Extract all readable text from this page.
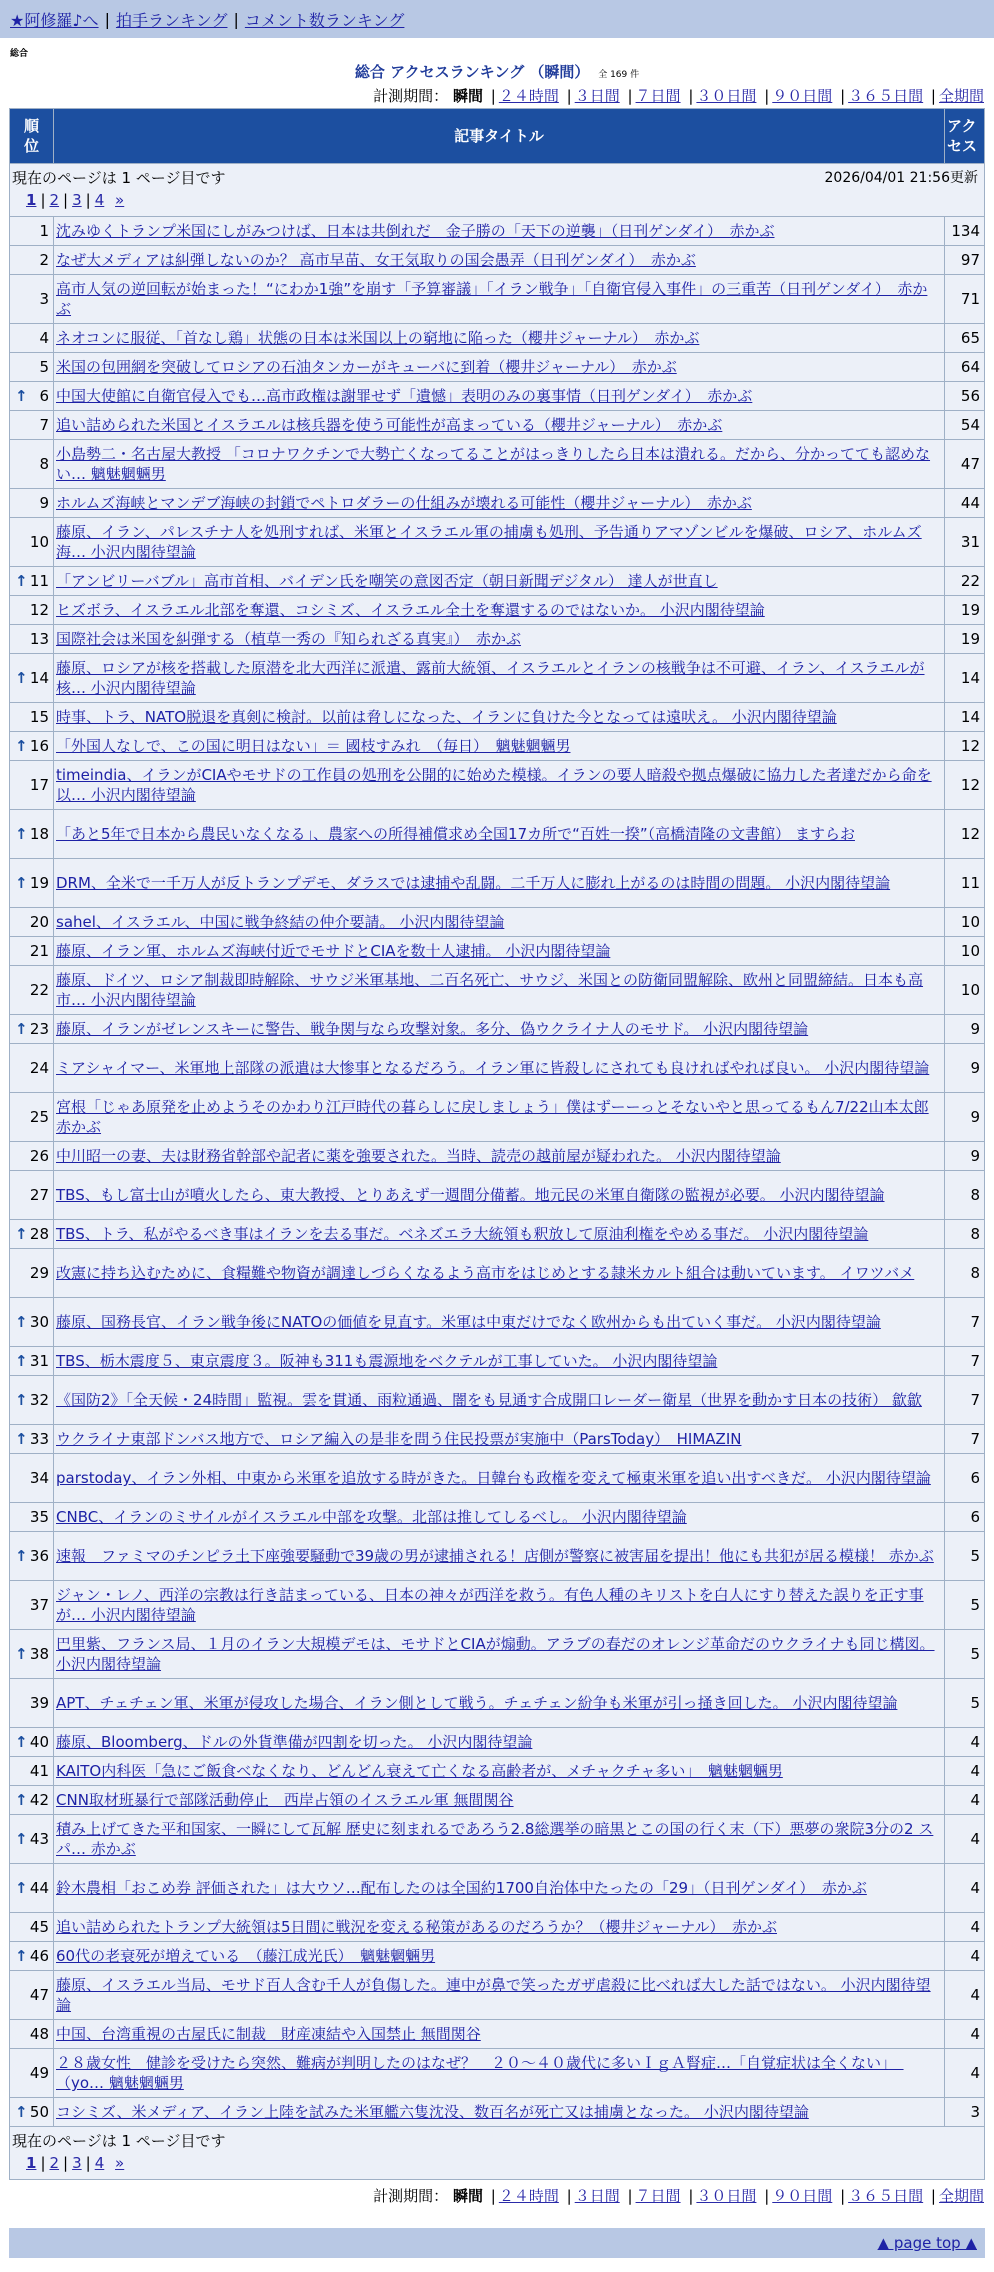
★阿修羅♪へ | 拍手ランキング | コメント数ランキング
総合
総合 アクセスランキング （瞬間） 全 169 件
計測期間： 瞬間 | ２４時間 | ３日間 | ７日間 | ３０日間 | ９０日間 | ３６５日間 | 全期間
現在のページは 1 ページ目です 2026/04/01 21:56更新
1 | 2 | 3 | 4 »		

順位	記事タイトル	アクセス
1	沈みゆくトランプ米国にしがみつけば、日本は共倒れだ　金子勝の「天下の逆襲」（日刊ゲンダイ）　赤かぶ	134
2	なぜ大メディアは糾弾しないのか？ 高市早苗、女王気取りの国会愚弄（日刊ゲンダイ）　赤かぶ	97
3	高市人気の逆回転が始まった！“にわか1強”を崩す「予算審議」「イラン戦争」「自衛官侵入事件」の三重苦（日刊ゲンダイ）　赤かぶ	71
4	ネオコンに服従、「首なし鶏」状態の日本は米国以上の窮地に陥った（櫻井ジャーナル）　赤かぶ	65
5	米国の包囲網を突破してロシアの石油タンカーがキューバに到着（櫻井ジャーナル）　赤かぶ	64

↑ 6	中国大使館に自衛官侵入でも…高市政権は謝罪せず「遺憾」表明のみの裏事情（日刊ゲンダイ）　赤かぶ	56
7	追い詰められた米国とイスラエルは核兵器を使う可能性が高まっている（櫻井ジャーナル）　赤かぶ	54
8	小島勢二・名古屋大教授 「コロナワクチンで大勢亡くなってることがはっきりしたら日本は潰れる。だから、分かってても認めない… 魑魅魍魎男	47
9	ホルムズ海峡とマンデブ海峡の封鎖でペトロダラーの仕組みが壊れる可能性（櫻井ジャーナル）　赤かぶ	44
10	藤原、イラン、パレスチナ人を処刑すれば、米軍とイスラエル軍の捕虜も処刑、予告通りアマゾンビルを爆破、ロシア、ホルムズ海… 小沢内閣待望論	31

↑ 11	「アンビリーバブル」高市首相、バイデン氏を嘲笑の意図否定（朝日新聞デジタル） 達人が世直し	22
12	ヒズボラ、イスラエル北部を奪還、コシミズ、イスラエル全土を奪還するのではないか。 小沢内閣待望論	19
13	国際社会は米国を糾弾する（植草一秀の『知られざる真実』）　赤かぶ	19

↑ 14	藤原、ロシアが核を搭載した原潜を北大西洋に派遣、露前大統領、イスラエルとイランの核戦争は不可避、イラン、イスラエルが核… 小沢内閣待望論	14
15	時事、トラ、NATO脱退を真剣に検討。以前は脅しになった、イランに負けた今となっては遠吠え。 小沢内閣待望論	14

↑ 16	「外国人なしで、この国に明日はない」＝ 國枝すみれ　（毎日）　魑魅魍魎男	12
17	timeindia、イランがCIAやモサドの工作員の処刑を公開的に始めた模様。イランの要人暗殺や拠点爆破に協力した者達だから命を以… 小沢内閣待望論	12

↑ 18	「あと5年で日本から農民いなくなる」、農家への所得補償求め全国17カ所で“百姓一揆”（高橋清隆の文書館） ますらお	12

↑ 19	DRM、全米で一千万人が反トランプデモ、ダラスでは逮捕や乱闘。二千万人に膨れ上がるのは時間の問題。 小沢内閣待望論	11
20	sahel、イスラエル、中国に戦争終結の仲介要請。 小沢内閣待望論	10
21	藤原、イラン軍、ホルムズ海峡付近でモサドとCIAを数十人逮捕。 小沢内閣待望論	10
22	藤原、ドイツ、ロシア制裁即時解除、サウジ米軍基地、二百名死亡、サウジ、米国との防衛同盟解除、欧州と同盟締結。日本も高市… 小沢内閣待望論	10

↑ 23	藤原、イランがゼレンスキーに警告、戦争関与なら攻撃対象。多分、偽ウクライナ人のモサド。 小沢内閣待望論	9
24	ミアシャイマー、米軍地上部隊の派遣は大惨事となるだろう。イラン軍に皆殺しにされても良ければやれば良い。 小沢内閣待望論	9
25	宮根「じゃあ原発を止めようそのかわり江戸時代の暮らしに戻しましょう」僕はずーーっとそないやと思ってるもん7/22山本太郎 赤かぶ	9
26	中川昭一の妻、夫は財務省幹部や記者に薬を強要された。当時、読売の越前屋が疑われた。 小沢内閣待望論	9
27	TBS、もし富士山が噴火したら、東大教授、とりあえず一週間分備蓄。地元民の米軍自衛隊の監視が必要。 小沢内閣待望論	8

↑ 28	TBS、トラ、私がやるべき事はイランを去る事だ。ベネズエラ大統領も釈放して原油利権をやめる事だ。 小沢内閣待望論	8
29	改憲に持ち込むために、食糧難や物資が調達しづらくなるよう高市をはじめとする隷米カルト組合は動いています。 イワツバメ	8

↑ 30	藤原、国務長官、イラン戦争後にNATOの価値を見直す。米軍は中東だけでなく欧州からも出ていく事だ。 小沢内閣待望論	7

↑ 31	TBS、栃木震度５、東京震度３。阪神も311も震源地をベクテルが工事していた。 小沢内閣待望論	7

↑ 32	《国防2》「全天候・24時間」監視。雲を貫通、雨粒通過、闇をも見通す合成開口レーダー衛星（世界を動かす日本の技術） 歙歙	7

↑ 33	ウクライナ東部ドンバス地方で、ロシア編入の是非を問う住民投票が実施中（ParsToday）　HIMAZIN	7
34	parstoday、イラン外相、中東から米軍を追放する時がきた。日韓台も政権を変えて極東米軍を追い出すべきだ。 小沢内閣待望論	6
35	CNBC、イランのミサイルがイスラエル中部を攻撃。北部は推してしるべし。 小沢内閣待望論	6

↑ 36	速報　ファミマのチンピラ土下座強要騒動で39歳の男が逮捕される！店側が警察に被害届を提出！他にも共犯が居る模様！ 赤かぶ	5
37	ジャン・レノ、西洋の宗教は行き詰まっている、日本の神々が西洋を救う。有色人種のキリストを白人にすり替えた誤りを正す事が… 小沢内閣待望論	5

↑ 38	巴里紫、フランス局、１月のイラン大規模デモは、モサドとCIAが煽動。アラブの春だのオレンジ革命だのウクライナも同じ構図。 小沢内閣待望論	5
39	APT、チェチェン軍、米軍が侵攻した場合、イラン側として戦う。チェチェン紛争も米軍が引っ掻き回した。 小沢内閣待望論	5

↑ 40	藤原、Bloomberg、ドルの外貨準備が四割を切った。 小沢内閣待望論	4
41	KAITO内科医「急にご飯食べなくなり、どんどん衰えて亡くなる高齢者が、メチャクチャ多い」　魑魅魍魎男	4

↑ 42	CNN取材班暴行で部隊活動停止　西岸占領のイスラエル軍 無間関谷	4

↑ 43	積み上げてきた平和国家、一瞬にして瓦解 歴史に刻まれるであろう2.8総選挙の暗黒とこの国の行く末（下）悪夢の衆院3分の2 スパ… 赤かぶ	4

↑ 44	鈴木農相「おこめ券 評価された」は大ウソ…配布したのは全国約1700自治体中たったの「29」（日刊ゲンダイ）　赤かぶ	4
45	追い詰められたトランプ大統領は5日間に戦況を変える秘策があるのだろうか？（櫻井ジャーナル）　赤かぶ	4

↑ 46	60代の老衰死が増えている　（藤江成光氏）　魑魅魍魎男	4
47	藤原、イスラエル当局、モサド百人含む千人が負傷した。連中が鼻で笑ったガザ虐殺に比べれば大した話ではない。 小沢内閣待望論	4
48	中国、台湾重視の古屋氏に制裁　財産凍結や入国禁止 無間関谷	4
49	２８歳女性　健診を受けたら突然、難病が判明したのはなぜ？　２０～４０歳代に多いＩｇＡ腎症…「自覚症状は全くない」　（yo… 魑魅魍魎男	4

↑ 50	コシミズ、米メディア、イラン上陸を試みた米軍艦六隻沈没、数百名が死亡又は捕虜となった。 小沢内閣待望論	3

現在のページは 1 ページ目です
1 | 2 | 3 | 4 »		
計測期間： 瞬間 | ２４時間 | ３日間 | ７日間 | ３０日間 | ９０日間 | ３６５日間 | 全期間
▲ page top ▲
